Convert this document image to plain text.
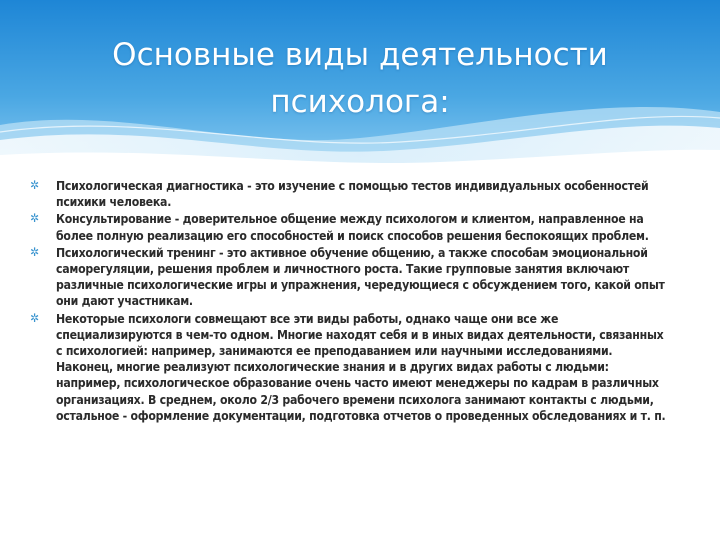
Основные виды деятельности
психолога:
✲ Психологическая диагностика - это изучение с помощью тестов индивидуальных особенностей психики человека.
✲ Консультирование - доверительное общение между психологом и клиентом, направленное на более полную реализацию его способностей и поиск способов решения беспокоящих проблем.
✲ Психологический тренинг - это активное обучение общению, а также способам эмоциональной саморегуляции, решения проблем и личностного роста. Такие групповые занятия включают различные психологические игры и упражнения, чередующиеся с обсуждением того, какой опыт они дают участникам.
✲ Некоторые психологи совмещают все эти виды работы, однако чаще они все же специализируются в чем-то одном. Многие находят себя и в иных видах деятельности, связанных с психологией: например, занимаются ее преподаванием или научными исследованиями. Наконец, многие реализуют психологические знания и в других видах работы с людьми: например, психологическое образование очень часто имеют менеджеры по кадрам в различных организациях. В среднем, около 2/3 рабочего времени психолога занимают контакты с людьми, остальное - оформление документации, подготовка отчетов о проведенных обследованиях и т. п.
